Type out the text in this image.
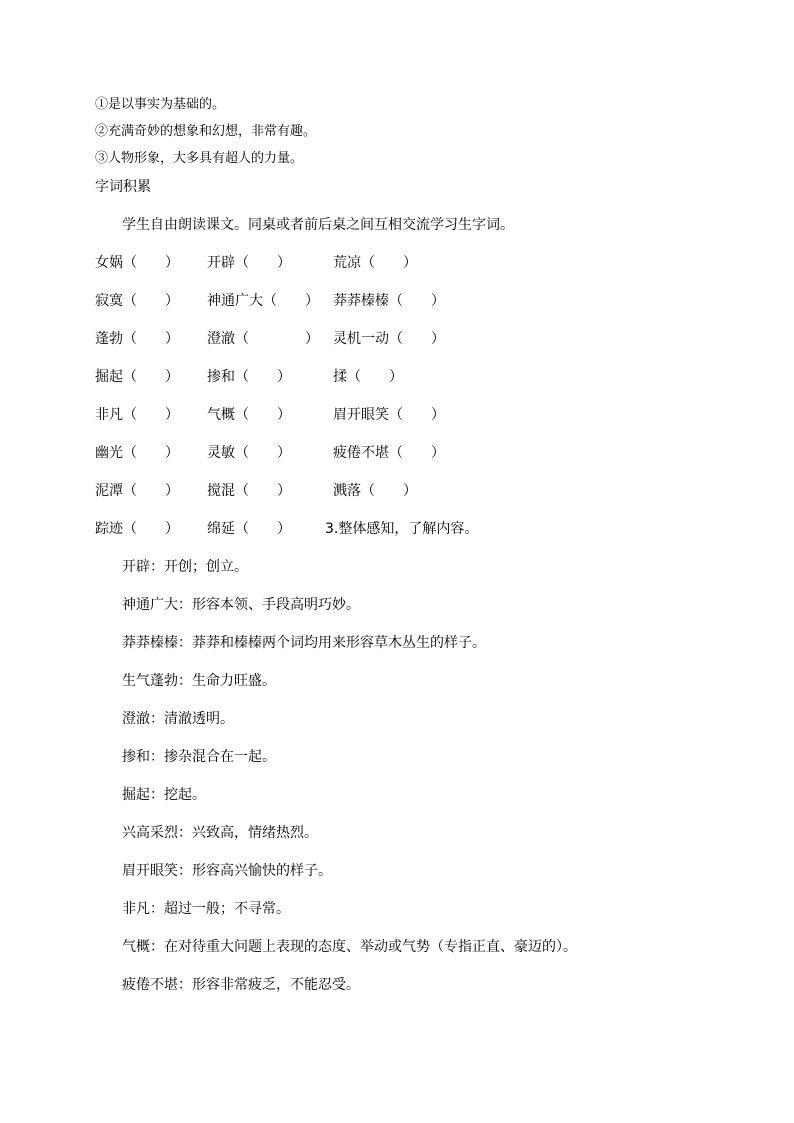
①是以事实为基础的。
②充满奇妙的想象和幻想，非常有趣。
③人物形象，大多具有超人的力量。
字词积累
学生自由朗读课文。同桌或者前后桌之间互相交流学习生字词。
女娲（　　） 开辟（　　）	荒凉（　　）
寂寞（　　） 神通广大（　　） 莽莽榛榛（　　）
蓬勃（　　） 澄澈（　　　　） 灵机一动（　　）
掘起（　　） 掺和（　　）	揉（　　）
非凡（　　） 气概（　　）	眉开眼笑（　　）
幽光（　　） 灵敏（　　）	疲倦不堪（　　）
泥潭（　　） 搅混（　　）	溅落（　　）
踪迹（　　） 绵延（　　） 3.整体感知，了解内容。
开辟：开创；创立。
神通广大：形容本领、手段高明巧妙。
莽莽榛榛：莽莽和榛榛两个词均用来形容草木丛生的样子。
生气蓬勃：生命力旺盛。
澄澈：清澈透明。
掺和：掺杂混合在一起。
掘起：挖起。
兴高采烈：兴致高，情绪热烈。
眉开眼笑：形容高兴愉快的样子。
非凡：超过一般；不寻常。
气概：在对待重大问题上表现的态度、举动或气势（专指正直、豪迈的）。
疲倦不堪：形容非常疲乏，不能忍受。
